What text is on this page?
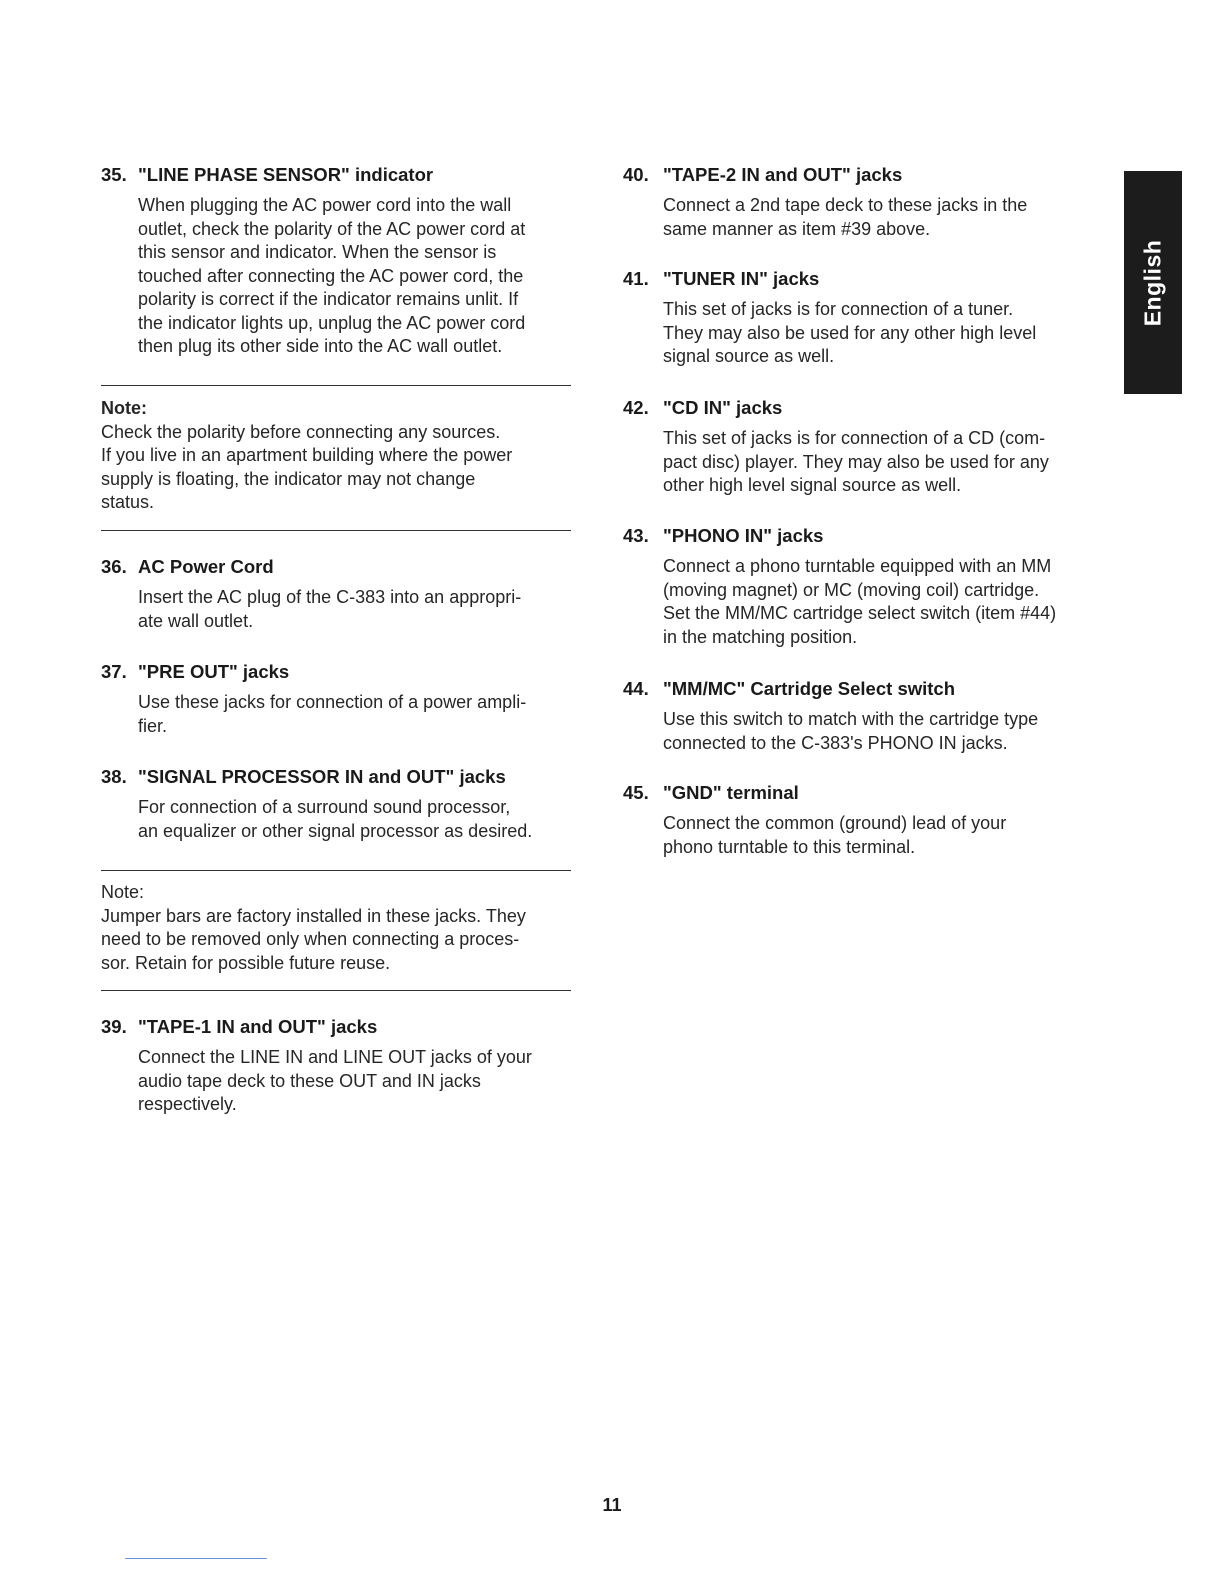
English
35. "LINE PHASE SENSOR" indicator
When plugging the AC power cord into the wall
outlet, check the polarity of the AC power cord at
this sensor and indicator. When the sensor is
touched after connecting the AC power cord, the
polarity is correct if the indicator remains unlit. If
the indicator lights up, unplug the AC power cord
then plug its other side into the AC wall outlet.
Note:
Check the polarity before connecting any sources.
If you live in an apartment building where the power
supply is floating, the indicator may not change
status.
36. AC Power Cord
Insert the AC plug of the C-383 into an appropri-
ate wall outlet.
37. "PRE OUT" jacks
Use these jacks for connection of a power ampli-
fier.
38. "SIGNAL PROCESSOR IN and OUT" jacks
For connection of a surround sound processor,
an equalizer or other signal processor as desired.
Note:
Jumper bars are factory installed in these jacks. They
need to be removed only when connecting a proces-
sor. Retain for possible future reuse.
39. "TAPE-1 IN and OUT" jacks
Connect the LINE IN and LINE OUT jacks of your
audio tape deck to these OUT and IN jacks
respectively.
40. "TAPE-2 IN and OUT" jacks
Connect a 2nd tape deck to these jacks in the
same manner as item #39 above.
41. "TUNER IN" jacks
This set of jacks is for connection of a tuner.
They may also be used for any other high level
signal source as well.
42. "CD IN" jacks
This set of jacks is for connection of a CD (com-
pact disc) player. They may also be used for any
other high level signal source as well.
43. "PHONO IN" jacks
Connect a phono turntable equipped with an MM
(moving magnet) or MC (moving coil) cartridge.
Set the MM/MC cartridge select switch (item #44)
in the matching position.
44. "MM/MC" Cartridge Select switch
Use this switch to match with the cartridge type
connected to the C-383's PHONO IN jacks.
45. "GND" terminal
Connect the common (ground) lead of your
phono turntable to this terminal.
11
